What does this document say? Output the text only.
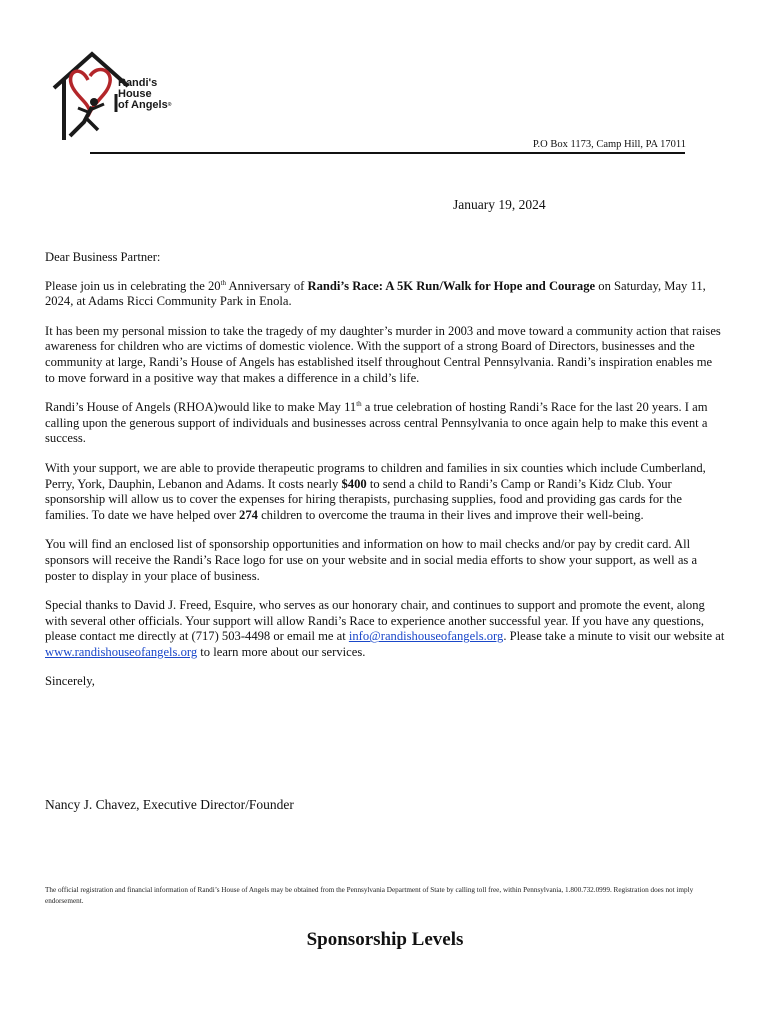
Randi's
House
of Angels®
P.O Box 1173, Camp Hill, PA 17011
January 19, 2024

Dear Business Partner:

Please join us in celebrating the 20th Anniversary of Randi’s Race: A 5K Run/Walk for Hope and Courage on Saturday, May 11, 2024, at Adams Ricci Community Park in Enola.

It has been my personal mission to take the tragedy of my daughter’s murder in 2003 and move toward a community action that raises awareness for children who are victims of domestic violence. With the support of a strong Board of Directors, businesses and the community at large, Randi’s House of Angels has established itself throughout Central Pennsylvania. Randi’s inspiration enables me to move forward in a positive way that makes a difference in a child’s life.

Randi’s House of Angels (RHOA)would like to make May 11th a true celebration of hosting Randi’s Race for the last 20 years. I am calling upon the generous support of individuals and businesses across central Pennsylvania to once again help to make this event a success.

With your support, we are able to provide therapeutic programs to children and families in six counties which include Cumberland, Perry, York, Dauphin, Lebanon and Adams. It costs nearly $400 to send a child to Randi’s Camp or Randi’s Kidz Club. Your sponsorship will allow us to cover the expenses for hiring therapists, purchasing supplies, food and providing gas cards for the families. To date we have helped over 274 children to overcome the trauma in their lives and improve their well-being.

You will find an enclosed list of sponsorship opportunities and information on how to mail checks and/or pay by credit card. All sponsors will receive the Randi’s Race logo for use on your website and in social media efforts to show your support, as well as a poster to display in your place of business.

Special thanks to David J. Freed, Esquire, who serves as our honorary chair, and continues to support and promote the event, along with several other officials. Your support will allow Randi’s Race to experience another successful year. If you have any questions, please contact me directly at (717) 503-4498 or email me at info@randishouseofangels.org. Please take a minute to visit our website at www.randishouseofangels.org to learn more about our services.

Sincerely,

Nancy J. Chavez, Executive Director/Founder
The official registration and financial information of Randi’s House of Angels may be obtained from the Pennsylvania Department of State by calling toll free, within Pennsylvania, 1.800.732.0999. Registration does not imply endorsement.
Sponsorship Levels
